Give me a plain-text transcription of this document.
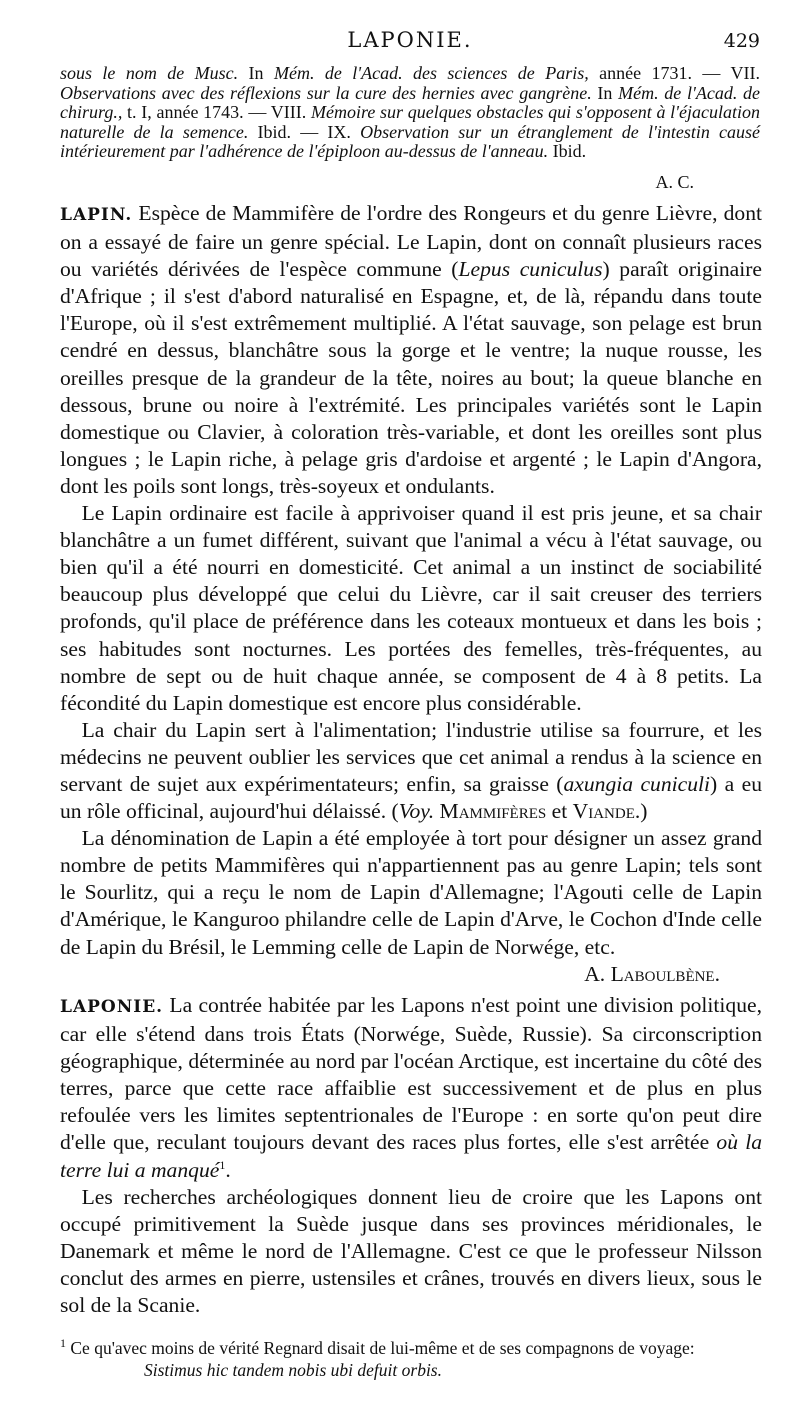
LAPONIE.	429
sous le nom de Musc. In Mém. de l'Acad. des sciences de Paris, année 1731. — VII. Observations avec des réflexions sur la cure des hernies avec gangrène. In Mém. de l'Acad. de chirurg., t. I, année 1743. — VIII. Mémoire sur quelques obstacles qui s'opposent à l'éjaculation naturelle de la semence. Ibid. — IX. Observation sur un étranglement de l'intestin causé intérieurement par l'adhérence de l'épiploon au-dessus de l'anneau. Ibid.
A. C.

LAPIN. Espèce de Mammifère de l'ordre des Rongeurs et du genre Lièvre, dont on a essayé de faire un genre spécial. Le Lapin, dont on connaît plusieurs races ou variétés dérivées de l'espèce commune (Lepus cuniculus) paraît originaire d'Afrique ; il s'est d'abord naturalisé en Espagne, et, de là, répandu dans toute l'Europe, où il s'est extrêmement multiplié. A l'état sauvage, son pelage est brun cendré en dessus, blanchâtre sous la gorge et le ventre; la nuque rousse, les oreilles presque de la grandeur de la tête, noires au bout; la queue blanche en dessous, brune ou noire à l'extrémité. Les principales variétés sont le Lapin domestique ou Clavier, à coloration très-variable, et dont les oreilles sont plus longues ; le Lapin riche, à pelage gris d'ardoise et argenté ; le Lapin d'Angora, dont les poils sont longs, très-soyeux et ondulants.

 Le Lapin ordinaire est facile à apprivoiser quand il est pris jeune, et sa chair blanchâtre a un fumet différent, suivant que l'animal a vécu à l'état sauvage, ou bien qu'il a été nourri en domesticité. Cet animal a un instinct de sociabilité beaucoup plus développé que celui du Lièvre, car il sait creuser des terriers profonds, qu'il place de préférence dans les coteaux montueux et dans les bois ; ses habitudes sont nocturnes. Les portées des femelles, très-fréquentes, au nombre de sept ou de huit chaque année, se composent de 4 à 8 petits. La fécondité du Lapin domestique est encore plus considérable.

 La chair du Lapin sert à l'alimentation; l'industrie utilise sa fourrure, et les médecins ne peuvent oublier les services que cet animal a rendus à la science en servant de sujet aux expérimentateurs; enfin, sa graisse (axungia cuniculi) a eu un rôle officinal, aujourd'hui délaissé. (Voy. Mammifères et Viande.)

 La dénomination de Lapin a été employée à tort pour désigner un assez grand nombre de petits Mammifères qui n'appartiennent pas au genre Lapin; tels sont le Sourlitz, qui a reçu le nom de Lapin d'Allemagne; l'Agouti celle de Lapin d'Amérique, le Kanguroo philandre celle de Lapin d'Arve, le Cochon d'Inde celle de Lapin du Brésil, le Lemming celle de Lapin de Norwége, etc.

A. Laboulbène.

LAPONIE. La contrée habitée par les Lapons n'est point une division politique, car elle s'étend dans trois États (Norwége, Suède, Russie). Sa circonscription géographique, déterminée au nord par l'océan Arctique, est incertaine du côté des terres, parce que cette race affaiblie est successivement et de plus en plus refoulée vers les limites septentrionales de l'Europe : en sorte qu'on peut dire d'elle que, reculant toujours devant des races plus fortes, elle s'est arrêtée où la terre lui a manqué$^1$.

 Les recherches archéologiques donnent lieu de croire que les Lapons ont occupé primitivement la Suède jusque dans ses provinces méridionales, le Danemark et même le nord de l'Allemagne. C'est ce que le professeur Nilsson conclut des armes en pierre, ustensiles et crânes, trouvés en divers lieux, sous le sol de la Scanie.

$^1$ Ce qu'avec moins de vérité Regnard disait de lui-même et de ses compagnons de voyage:
Sistimus hic tandem nobis ubi defuit orbis.
